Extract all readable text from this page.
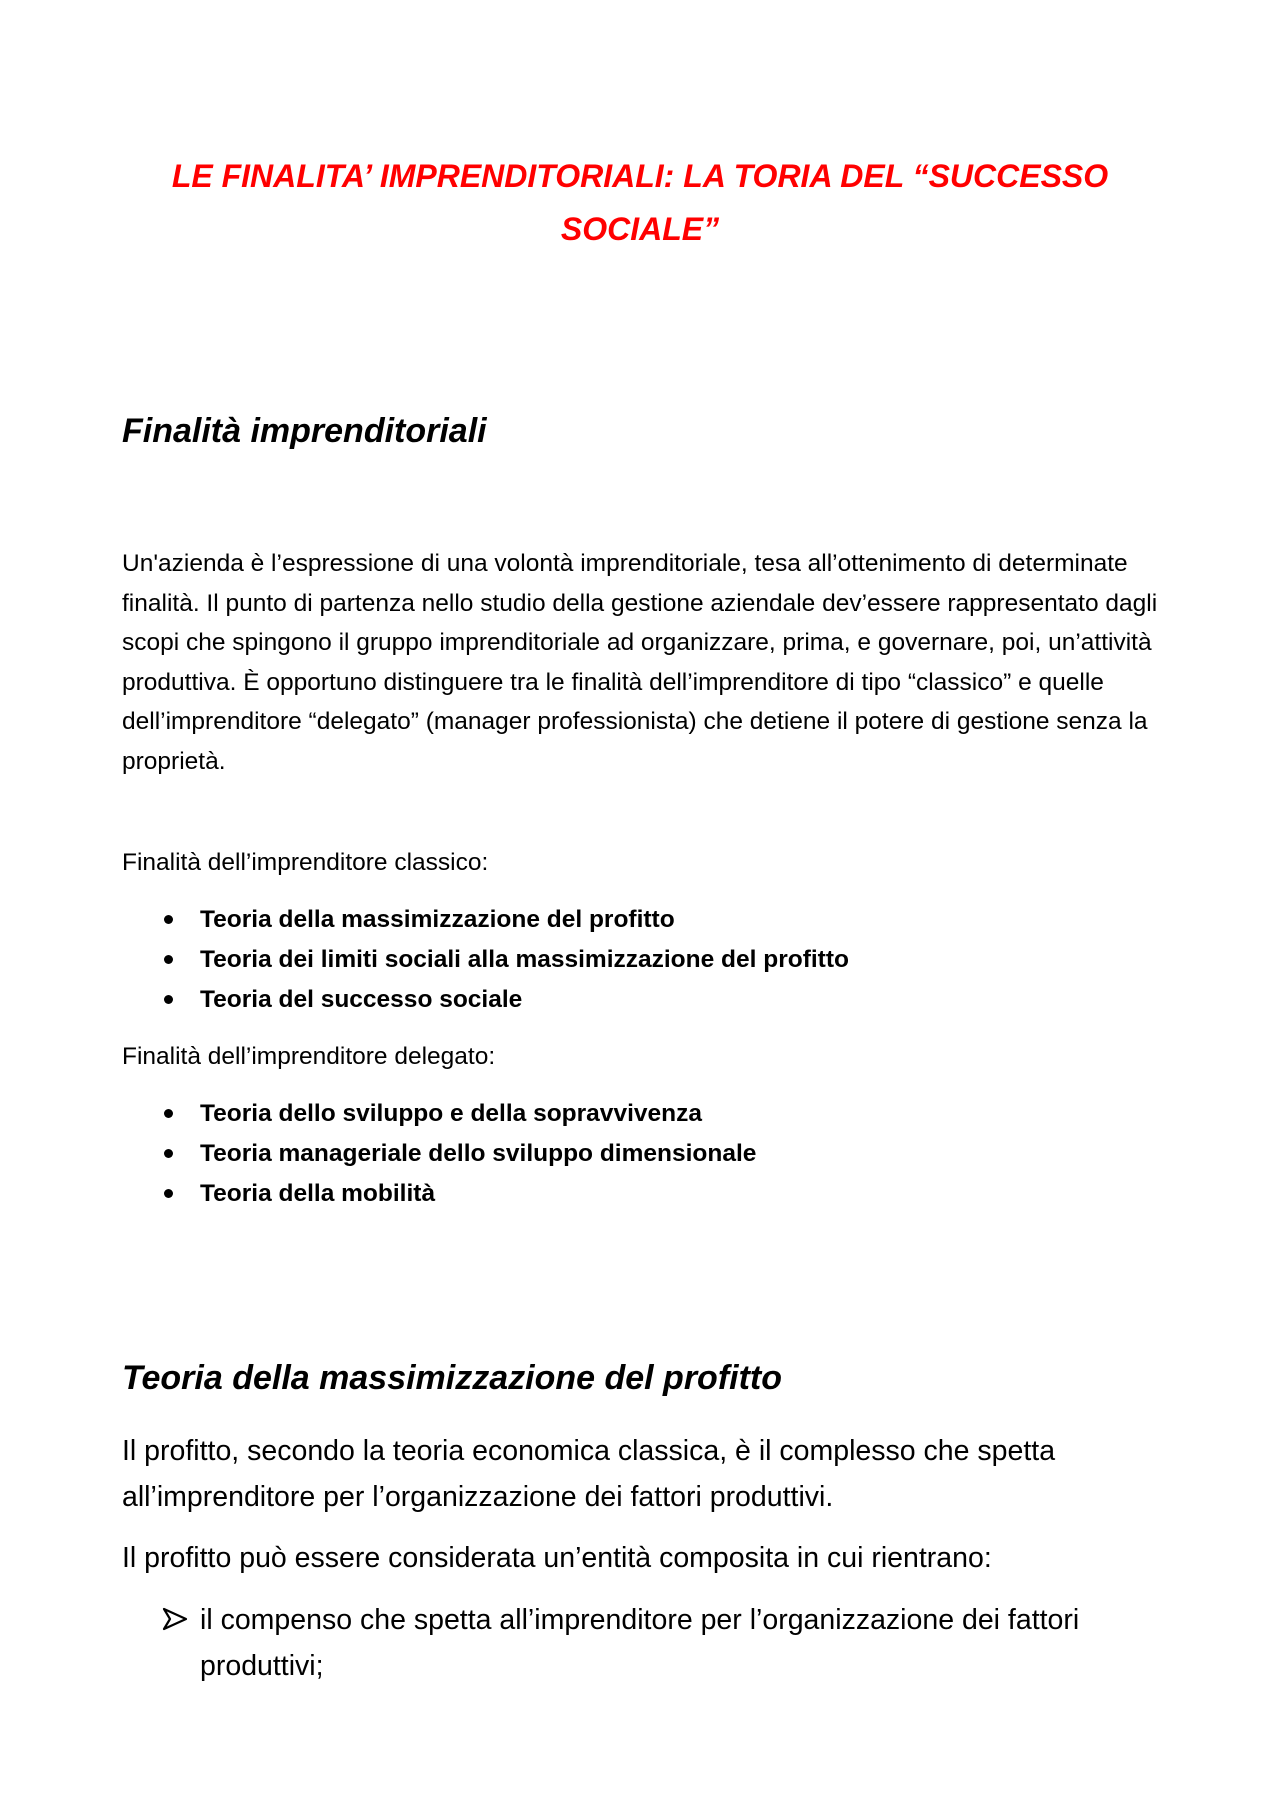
LE FINALITA’ IMPRENDITORIALI: LA TORIA DEL “SUCCESSO SOCIALE”
Finalità imprenditoriali

Un'azienda è l’espressione di una volontà imprenditoriale, tesa all’ottenimento di determinate finalità. Il punto di partenza nello studio della gestione aziendale dev’essere rappresentato dagli scopi che spingono il gruppo imprenditoriale ad organizzare, prima, e governare, poi, un’attività produttiva. È opportuno distinguere tra le finalità dell’imprenditore di tipo “classico” e quelle dell’imprenditore “delegato” (manager professionista) che detiene il potere di gestione senza la proprietà.

Finalità dell’imprenditore classico:

Teoria della massimizzazione del profitto
Teoria dei limiti sociali alla massimizzazione del profitto
Teoria del successo sociale

Finalità dell’imprenditore delegato:

Teoria dello sviluppo e della sopravvivenza
Teoria manageriale dello sviluppo dimensionale
Teoria della mobilità
Teoria della massimizzazione del profitto

Il profitto, secondo la teoria economica classica, è il complesso che spetta all’imprenditore per l’organizzazione dei fattori produttivi.

Il profitto può essere considerata un’entità composita in cui rientrano:

il compenso che spetta all’imprenditore per l’organizzazione dei fattori produttivi;
